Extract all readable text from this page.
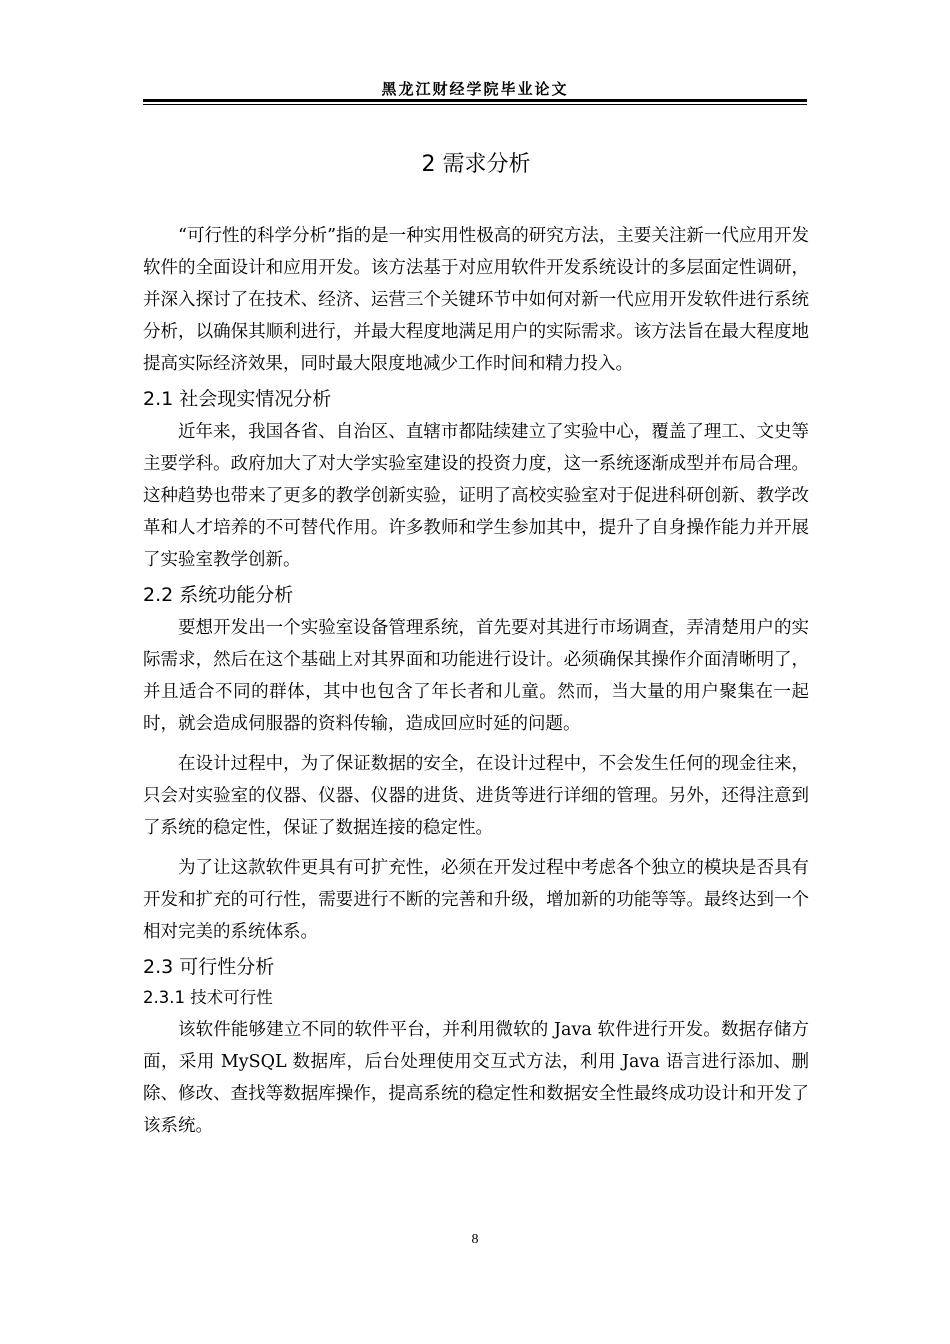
黑龙江财经学院毕业论文
2 需求分析

“可行性的科学分析”指的是一种实用性极高的研究方法，主要关注新一代应用开发软件的全面设计和应用开发。该方法基于对应用软件开发系统设计的多层面定性调研，并深入探讨了在技术、经济、运营三个关键环节中如何对新一代应用开发软件进行系统分析，以确保其顺利进行，并最大程度地满足用户的实际需求。该方法旨在最大程度地提高实际经济效果，同时最大限度地减少工作时间和精力投入。

2.1 社会现实情况分析

近年来，我国各省、自治区、直辖市都陆续建立了实验中心，覆盖了理工、文史等主要学科。政府加大了对大学实验室建设的投资力度，这一系统逐渐成型并布局合理。这种趋势也带来了更多的教学创新实验，证明了高校实验室对于促进科研创新、教学改革和人才培养的不可替代作用。许多教师和学生参加其中，提升了自身操作能力并开展了实验室教学创新。

2.2 系统功能分析

要想开发出一个实验室设备管理系统，首先要对其进行市场调查，弄清楚用户的实际需求，然后在这个基础上对其界面和功能进行设计。必须确保其操作介面清晰明了，并且适合不同的群体，其中也包含了年长者和儿童。然而，当大量的用户聚集在一起时，就会造成伺服器的资料传输，造成回应时延的问题。

在设计过程中，为了保证数据的安全，在设计过程中，不会发生任何的现金往来，只会对实验室的仪器、仪器、仪器的进货、进货等进行详细的管理。另外，还得注意到了系统的稳定性，保证了数据连接的稳定性。

为了让这款软件更具有可扩充性，必须在开发过程中考虑各个独立的模块是否具有开发和扩充的可行性，需要进行不断的完善和升级，增加新的功能等等。最终达到一个相对完美的系统体系。

2.3 可行性分析
2.3.1 技术可行性

该软件能够建立不同的软件平台，并利用微软的 Java 软件进行开发。数据存储方面，采用 MySQL 数据库，后台处理使用交互式方法，利用 Java 语言进行添加、删除、修改、查找等数据库操作，提高系统的稳定性和数据安全性最终成功设计和开发了该系统。

8
